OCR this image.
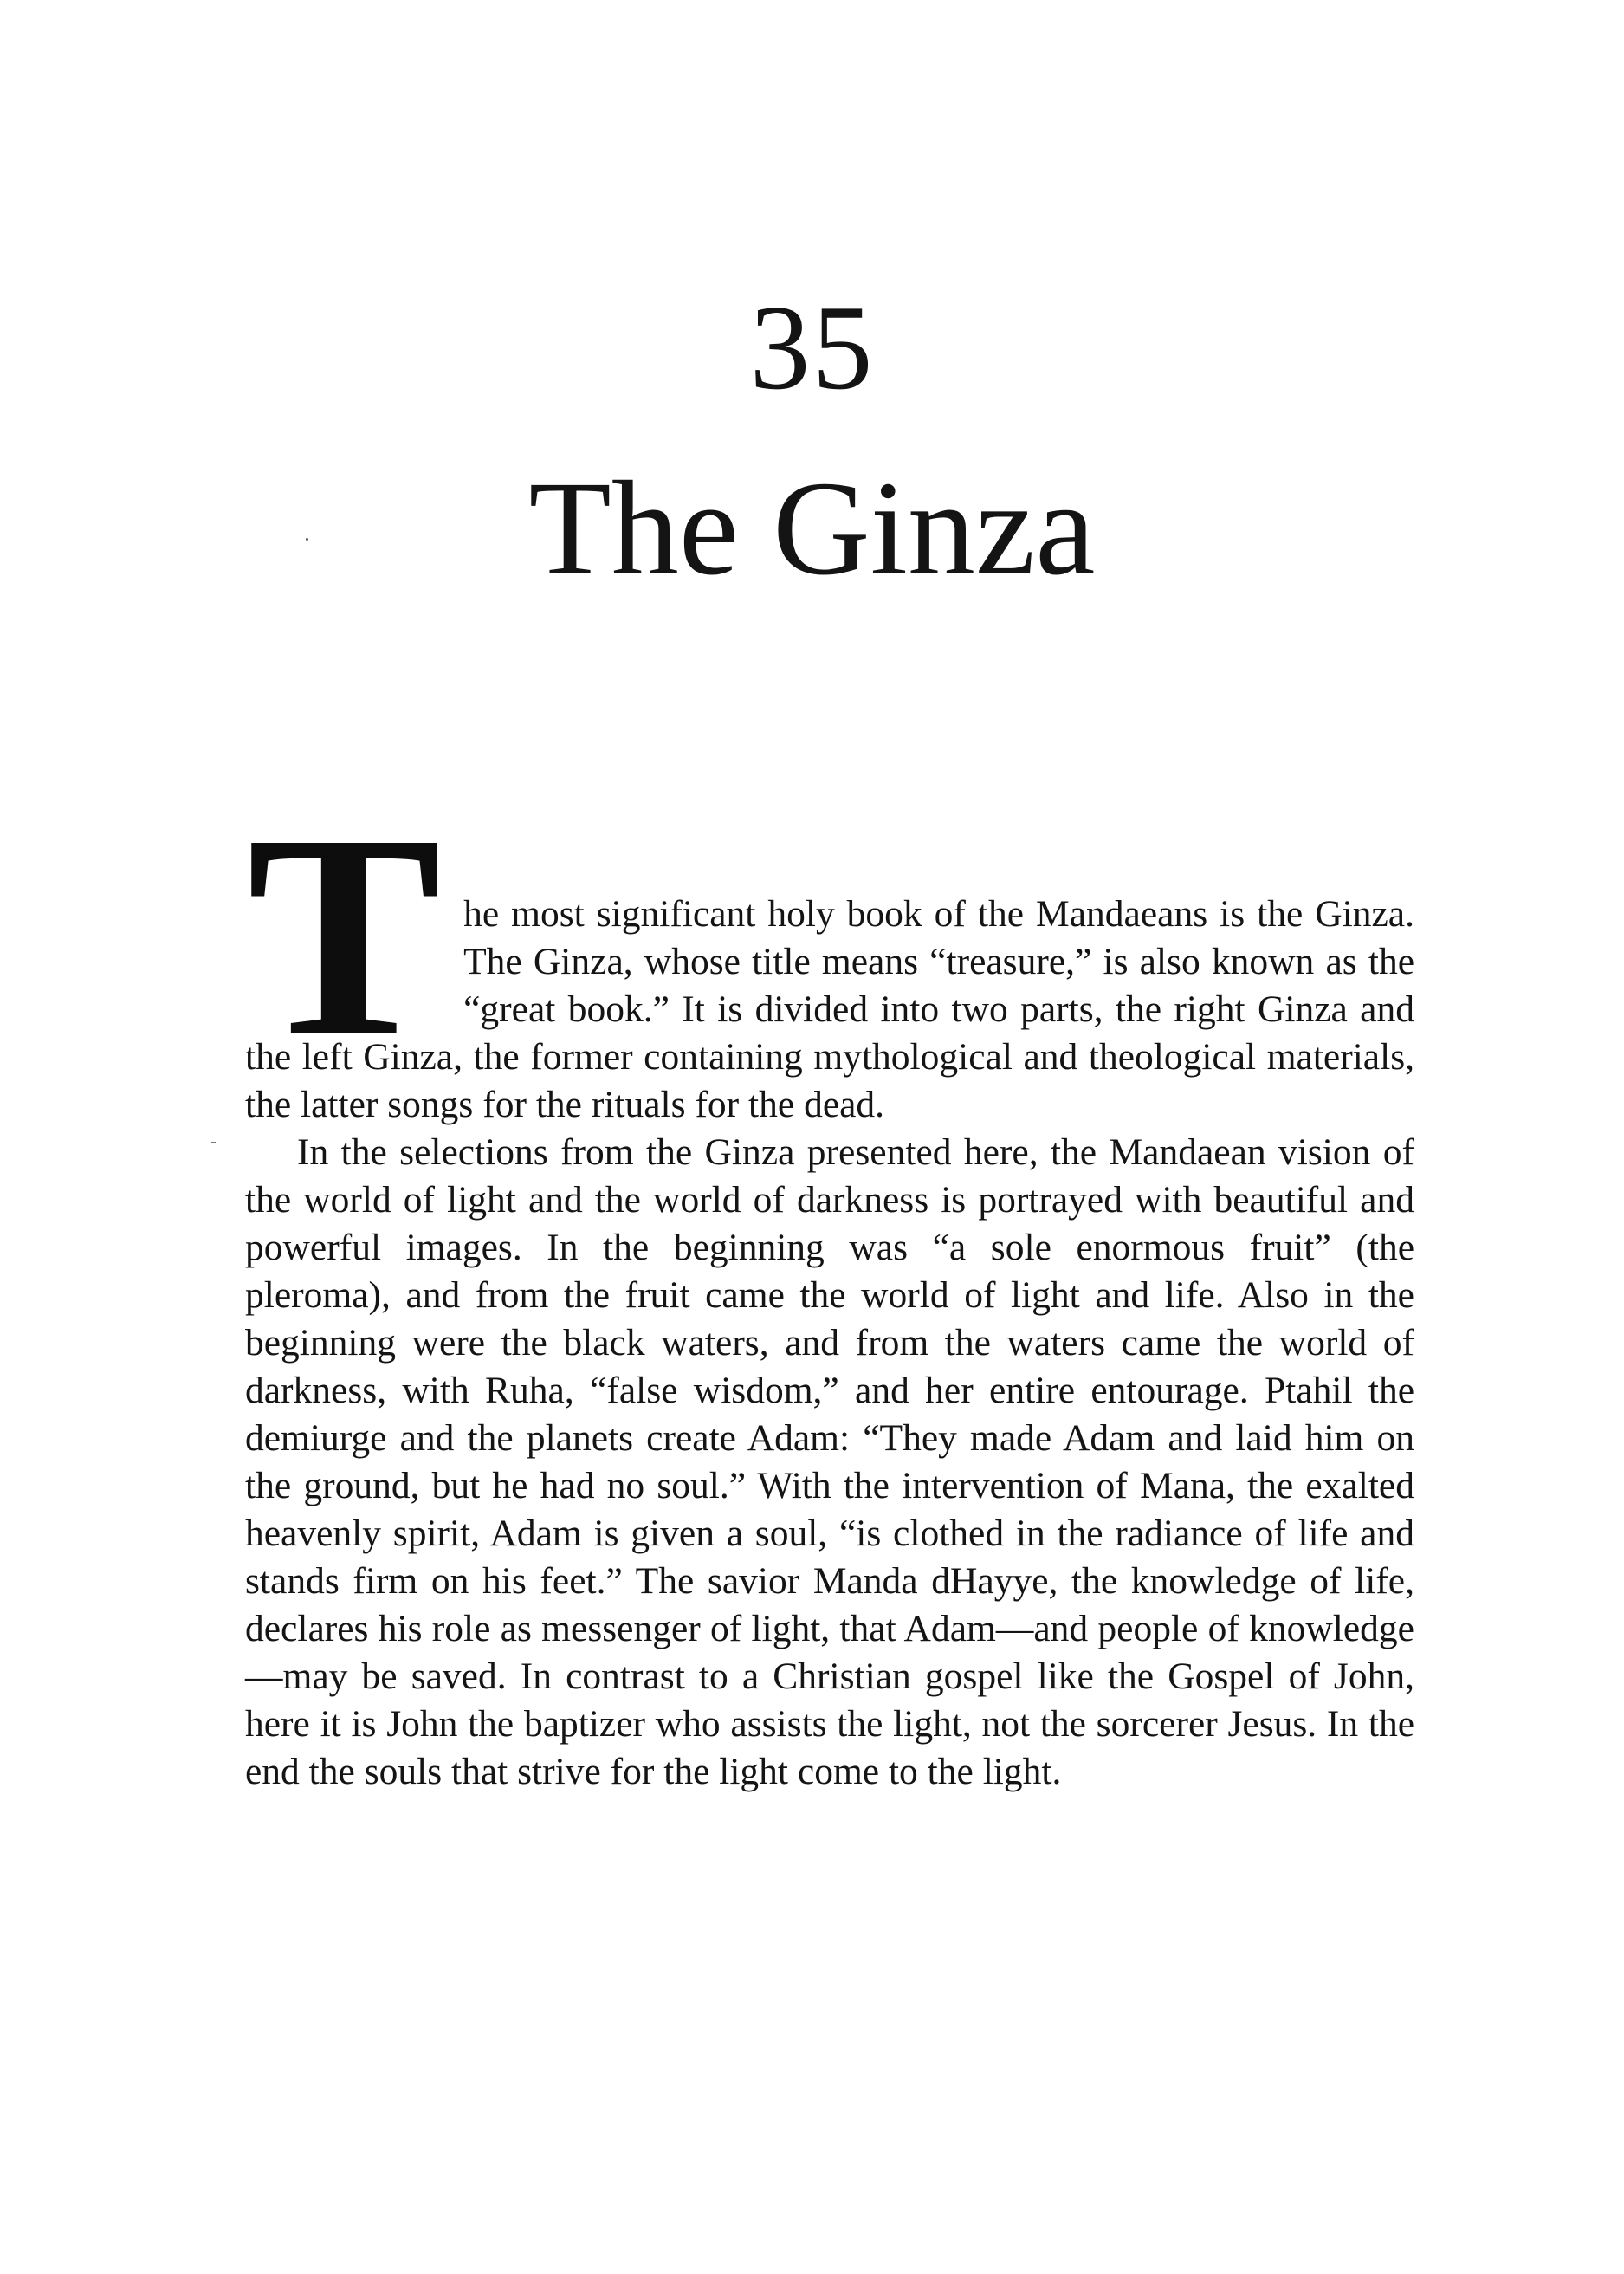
35
The Ginza

The most significant holy book of the Mandaeans is the Ginza. The Ginza, whose title means “treasure,” is also known as the “great book.” It is divided into two parts, the right Ginza and the left Ginza, the former containing mythological and theological materials, the latter songs for the rituals for the dead.

In the selections from the Ginza presented here, the Mandaean vision of the world of light and the world of darkness is portrayed with beautiful and powerful images. In the beginning was “a sole enormous fruit” (the pleroma), and from the fruit came the world of light and life. Also in the beginning were the black waters, and from the waters came the world of darkness, with Ruha, “false wisdom,” and her entire entourage. Ptahil the demiurge and the planets create Adam: “They made Adam and laid him on the ground, but he had no soul.” With the intervention of Mana, the exalted heavenly spirit, Adam is given a soul, “is clothed in the radiance of life and stands firm on his feet.” The savior Manda dHayye, the knowledge of life, declares his role as messenger of light, that Adam—and people of knowledge—may be saved. In contrast to a Christian gospel like the Gospel of John, here it is John the baptizer who assists the light, not the sorcerer Jesus. In the end the souls that strive for the light come to the light.
